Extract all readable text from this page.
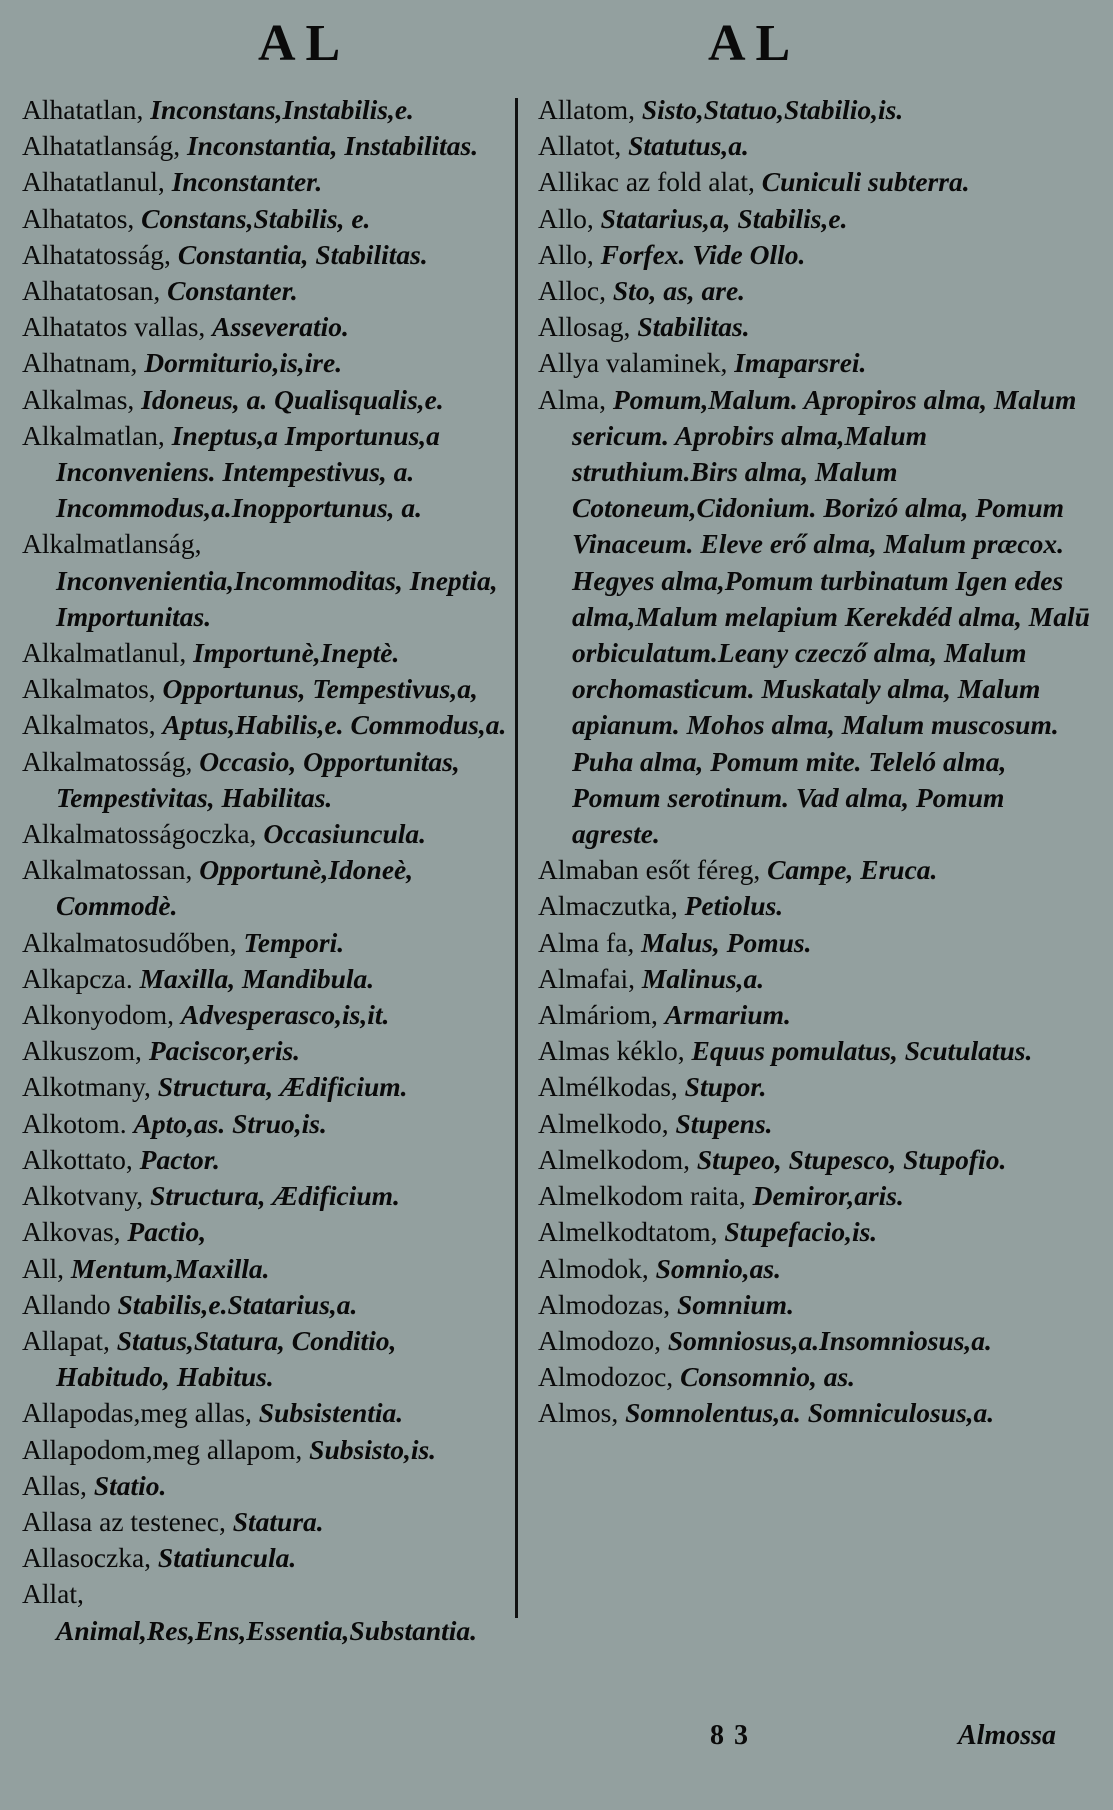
AL	AL
Alhatatlan, Inconstans,Instabilis,e.
Alhatatlanság, Inconstantia, Instabilitas.
Alhatatlanul, Inconstanter.
Alhatatos, Constans,Stabilis, e.
Alhatatosság, Constantia, Stabilitas.
Alhatatosan, Constanter.
Alhatatos vallas, Asseveratio.
Alhatnam, Dormiturio,is,ire.
Alkalmas, Idoneus, a. Qualisqualis,e.
Alkalmatlan, Ineptus,a Importunus,a Inconveniens. Intempestivus, a. Incommodus,a.Inopportunus, a.
Alkalmatlanság, Inconvenientia,Incommoditas, Ineptia, Importunitas.
Alkalmatlanul, Importunè,Ineptè.
Alkalmatos, Opportunus, Tempestivus,a,
Alkalmatos, Aptus,Habilis,e. Commodus,a.
Alkalmatosság, Occasio, Opportunitas, Tempestivitas, Habilitas.
Alkalmatosságoczka, Occasiuncula.
Alkalmatossan, Opportunè,Idoneè, Commodè.
Alkalmatosudőben, Tempori.
Alkapcza. Maxilla, Mandibula.
Alkonyodom, Advesperasco,is,it.
Alkuszom, Paciscor,eris.
Alkotmany, Structura, Ædificium.
Alkotom. Apto,as. Struo,is.
Alkottato, Pactor.
Alkotvany, Structura, Ædificium.
Alkovas, Pactio,
All, Mentum,Maxilla.
Allando Stabilis,e.Statarius,a.
Allapat, Status,Statura, Conditio, Habitudo, Habitus.
Allapodas,meg allas, Subsistentia.
Allapodom,meg allapom, Subsisto,is.
Allas, Statio.
Allasa az testenec, Statura.
Allasoczka, Statiuncula.
Allat, Animal,Res,Ens,Essentia,Substantia.
Allatom, Sisto,Statuo,Stabilio,is.
Allatot, Statutus,a.
Allikac az fold alat, Cuniculi subterra.
Allo, Statarius,a, Stabilis,e.
Allo, Forfex. Vide Ollo.
Alloc, Sto, as, are.
Allosag, Stabilitas.
Allya valaminek, Imaparsrei.
Alma, Pomum,Malum. Apropiros alma, Malum sericum. Aprobirs alma,Malum struthium.Birs alma, Malum Cotoneum,Cidonium. Borizó alma, Pomum Vinaceum. Eleve erő alma, Malum præcox. Hegyes alma,Pomum turbinatum Igen edes alma,Malum melapium Kerekdéd alma, Malū orbiculatum.Leany czecző alma, Malum orchomasticum. Muskataly alma, Malum apianum. Mohos alma, Malum muscosum. Puha alma, Pomum mite. Teleló alma, Pomum serotinum. Vad alma, Pomum agreste.
Almaban esőt féreg, Campe, Eruca.
Almaczutka, Petiolus.
Alma fa, Malus, Pomus.
Almafai, Malinus,a.
Almáriom, Armarium.
Almas kéklo, Equus pomulatus, Scutulatus.
Almélkodas, Stupor.
Almelkodo, Stupens.
Almelkodom, Stupeo, Stupesco, Stupofio.
Almelkodom raita, Demiror,aris.
Almelkodtatom, Stupefacio,is.
Almodok, Somnio,as.
Almodozas, Somnium.
Almodozo, Somniosus,a.Insomniosus,a.
Almodozoc, Consomnio, as.
Almos, Somnolentus,a. Somniculosus,a.
83	Almossa
